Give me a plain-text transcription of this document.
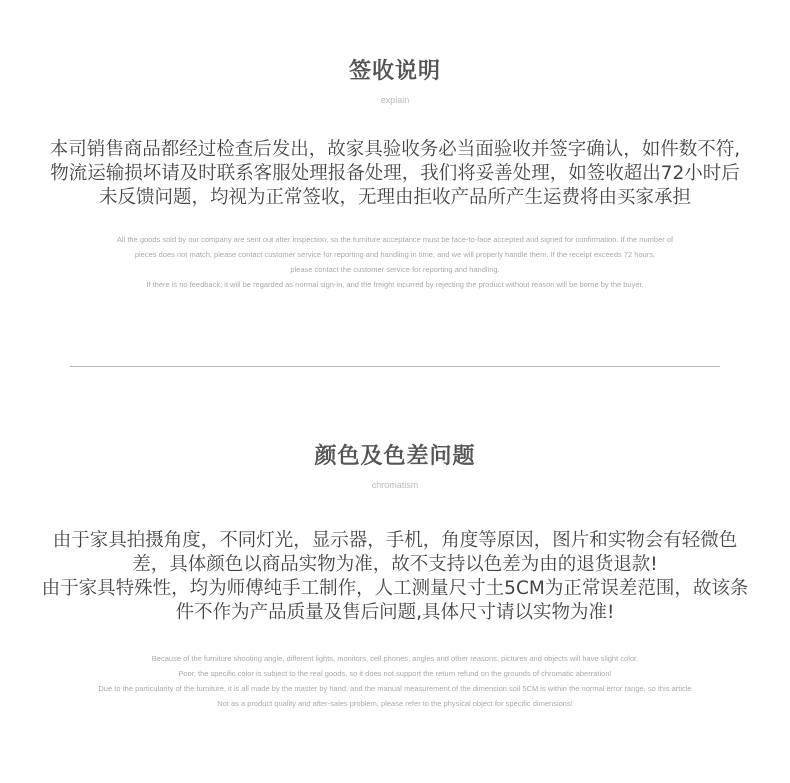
签收说明
explain
本司销售商品都经过检查后发出，故家具验收务必当面验收并签字确认，如件数不符,
物流运输损坏请及时联系客服处理报备处理，我们将妥善处理，如签收超出72小时后
未反馈问题，均视为正常签收，无理由拒收产品所产生运费将由买家承担
All the goods sold by our company are sent out after inspection, so the furniture acceptance must be face-to-face accepted and signed for confirmation. If the number of
pieces does not match, please contact customer service for reporting and handling in time, and we will properly handle them. If the receipt exceeds 72 hours,
please contact the customer service for reporting and handling.
If there is no feedback, it will be regarded as normal sign-in, and the freight incurred by rejecting the product without reason will be borne by the buyer.
颜色及色差问题
chromatism
由于家具拍摄角度，不同灯光，显示器，手机，角度等原因，图片和实物会有轻微色
差，具体颜色以商品实物为准，故不支持以色差为由的退货退款!
由于家具特殊性，均为师傅纯手工制作，人工测量尺寸土5CM为正常误差范围，故该条
件不作为产品质量及售后问题,具体尺寸请以实物为准!
Because of the furniture shooting angle, different lights, monitors, cell phones, angles and other reasons, pictures and objects will have slight color.
Poor, the specific color is subject to the real goods, so it does not support the return refund on the grounds of chromatic aberration!
Due to the particularity of the furniture, it is all made by the master by hand, and the manual measurement of the dimension soil 5CM is within the normal error range, so this article
Not as a product quality and after-sales problem, please refer to the physical object for specific dimensions!
